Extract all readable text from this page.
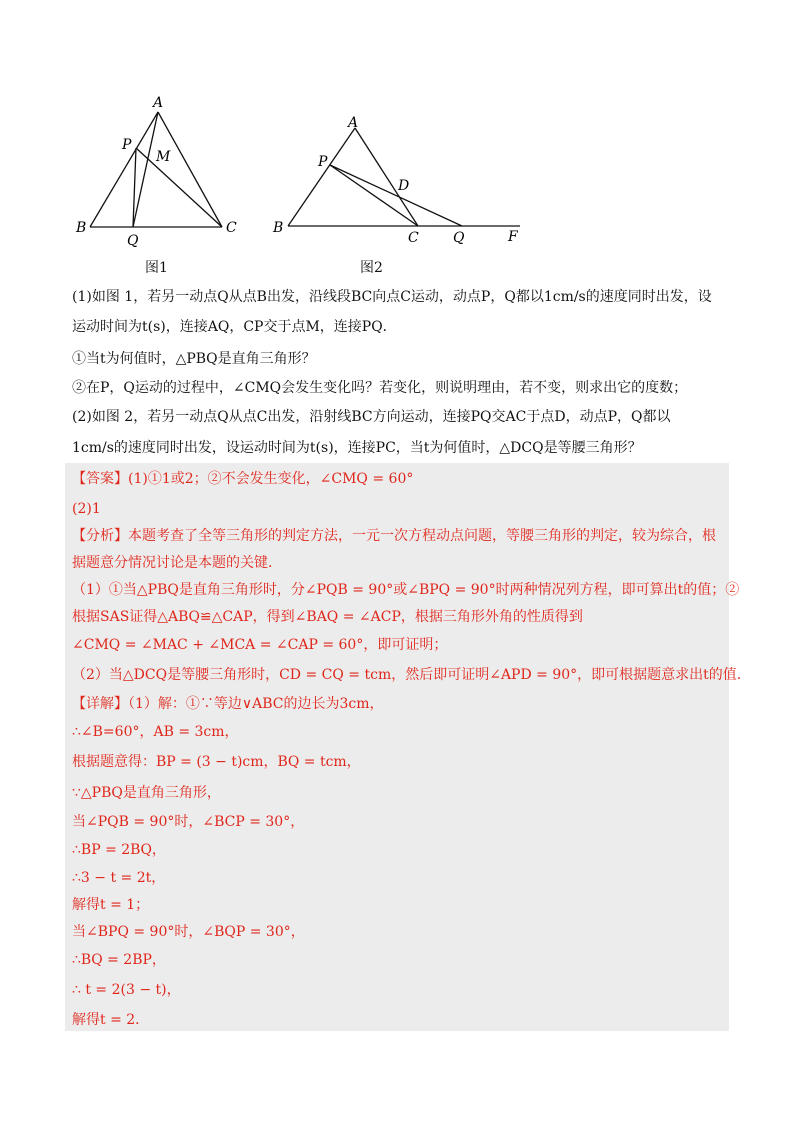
A
P
M
B
Q
C
图1
A
P
D
B
C Q	F
图2
(1)如图 1，若另一动点Q从点B出发，沿线段BC向点C运动，动点P，Q都以1cm/s的速度同时出发，设
运动时间为t(s)，连接AQ，CP交于点M，连接PQ．
①当t为何值时，△PBQ是直角三角形？
②在P，Q运动的过程中，∠CMQ会发生变化吗？若变化，则说明理由，若不变，则求出它的度数；
(2)如图 2，若另一动点Q从点C出发，沿射线BC方向运动，连接PQ交AC于点D，动点P，Q都以
1cm/s的速度同时出发，设运动时间为t(s)，连接PC，当t为何值时，△DCQ是等腰三角形？
【答案】(1)①1或2；②不会发生变化，∠CMQ = 60°
(2)1
【分析】本题考查了全等三角形的判定方法，一元一次方程动点问题，等腰三角形的判定，较为综合，根
据题意分情况讨论是本题的关键．
（1）①当△PBQ是直角三角形时，分∠PQB = 90°或∠BPQ = 90°时两种情况列方程，即可算出t的值；②
根据SAS证得△ABQ≌△CAP，得到∠BAQ = ∠ACP，根据三角形外角的性质得到
∠CMQ = ∠MAC + ∠MCA = ∠CAP = 60°，即可证明；
（2）当△DCQ是等腰三角形时，CD = CQ = tcm，然后即可证明∠APD = 90°，即可根据题意求出t的值．
【详解】（1）解：①∵等边∨ABC的边长为3cm，
∴∠B=60°，AB = 3cm，
根据题意得：BP = (3 − t)cm，BQ = tcm，
∵△PBQ是直角三角形，
当∠PQB = 90°时，∠BCP = 30°，
∴BP = 2BQ，
∴3 − t = 2t，
解得t = 1；
当∠BPQ = 90°时，∠BQP = 30°，
∴BQ = 2BP，
∴ t = 2(3 − t)，
解得t = 2．
